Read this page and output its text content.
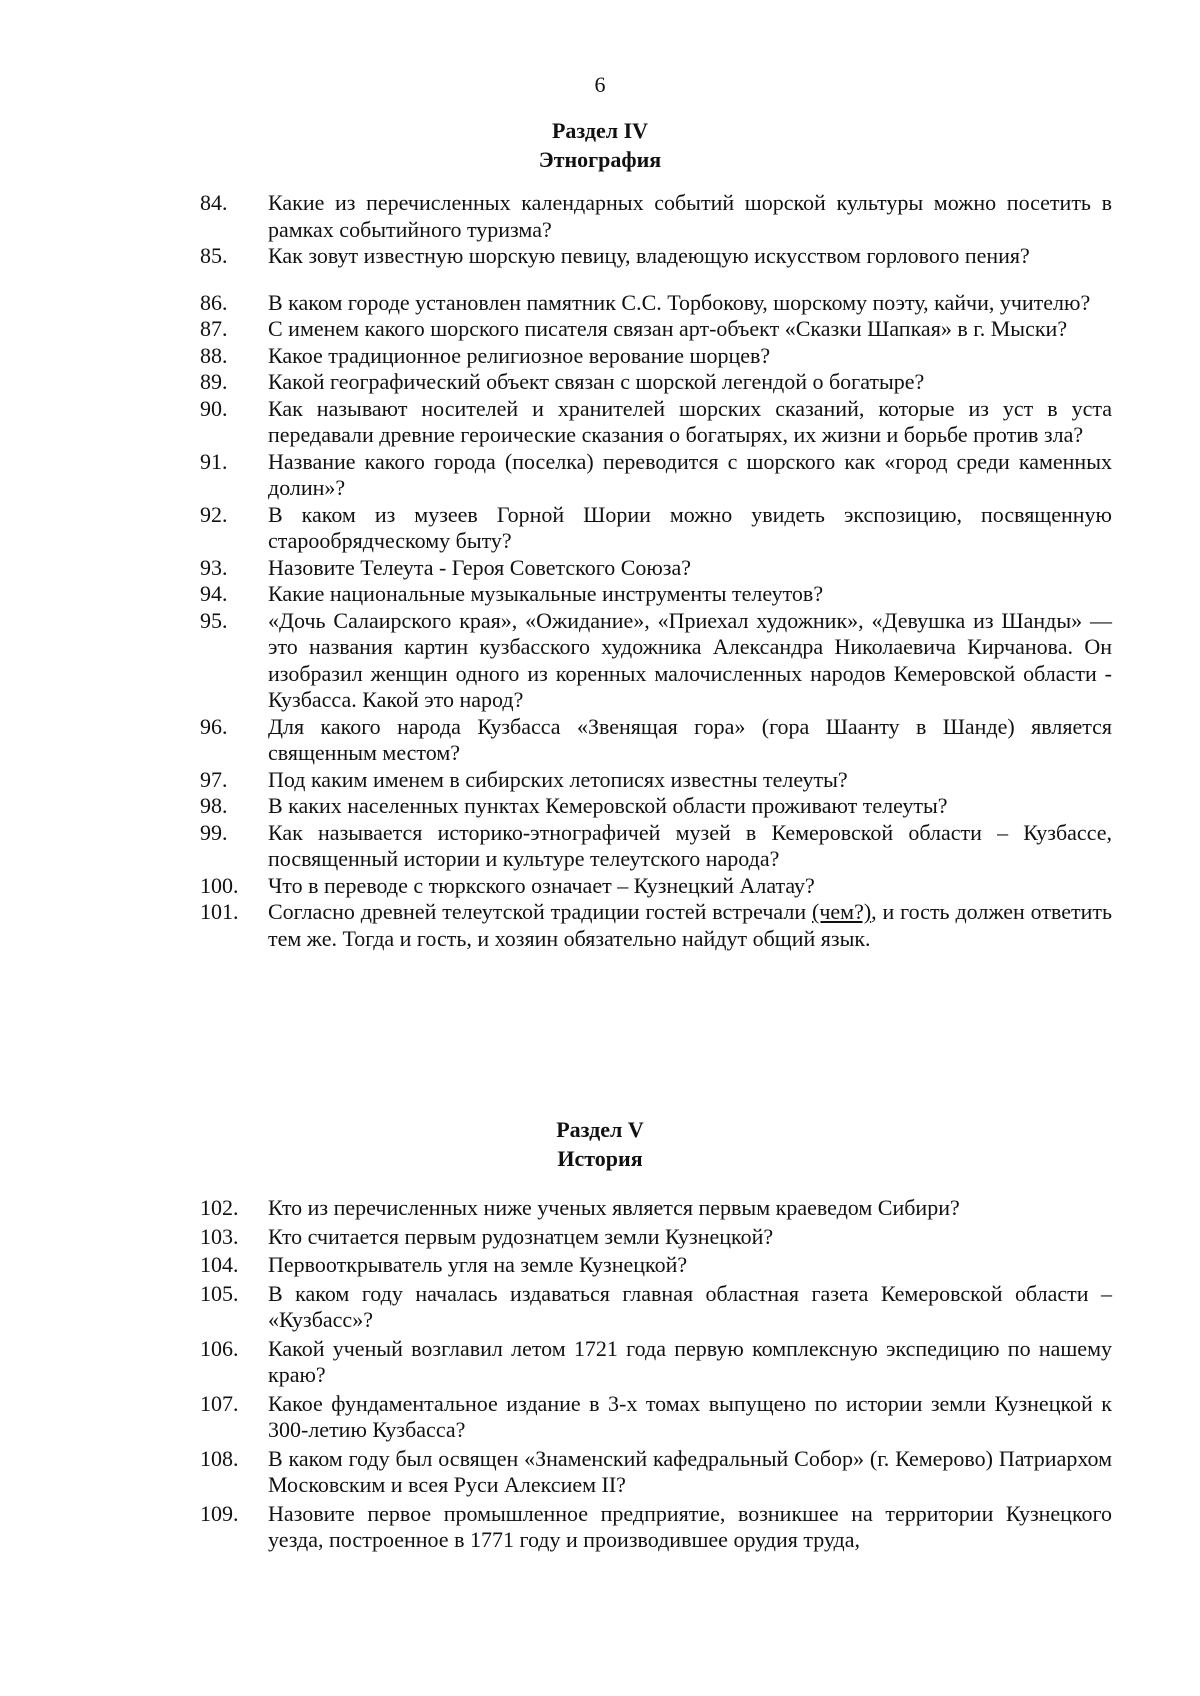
6
Раздел IV
Этнография
84. Какие из перечисленных календарных событий шорской культуры можно посетить в рамках событийного туризма?
85. Как зовут известную шорскую певицу, владеющую искусством горлового пения?
86. В каком городе установлен памятник С.С. Торбокову, шорскому поэту, кайчи, учителю?
87. С именем какого шорского писателя связан арт-объект «Сказки Шапкая» в г. Мыски?
88. Какое традиционное религиозное верование шорцев?
89. Какой географический объект связан с шорской легендой о богатыре?
90. Как называют носителей и хранителей шорских сказаний, которые из уст в уста передавали древние героические сказания о богатырях, их жизни и борьбе против зла?
91. Название какого города (поселка) переводится с шорского как «город среди каменных долин»?
92. В каком из музеев Горной Шории можно увидеть экспозицию, посвященную старообрядческому быту?
93. Назовите Телеута - Героя Советского Союза?
94. Какие национальные музыкальные инструменты телеутов?
95. «Дочь Салаирского края», «Ожидание», «Приехал художник», «Девушка из Шанды» — это названия картин кузбасского художника Александра Николаевича Кирчанова. Он изобразил женщин одного из коренных малочисленных народов Кемеровской области - Кузбасса. Какой это народ?
96. Для какого народа Кузбасса «Звенящая гора» (гора Шаанту в Шанде) является священным местом?
97. Под каким именем в сибирских летописях известны телеуты?
98. В каких населенных пунктах Кемеровской области проживают телеуты?
99. Как называется историко-этнографичей музей в Кемеровской области – Кузбассе, посвященный истории и культуре телеутского народа?
100. Что в переводе с тюркского означает – Кузнецкий Алатау?
101. Согласно древней телеутской традиции гостей встречали (чем?), и гость должен ответить тем же. Тогда и гость, и хозяин обязательно найдут общий язык.
Раздел V
История
102. Кто из перечисленных ниже ученых является первым краеведом Сибири?
103. Кто считается первым рудознатцем земли Кузнецкой?
104. Первооткрыватель угля на земле Кузнецкой?
105. В каком году началась издаваться главная областная газета Кемеровской области – «Кузбасс»?
106. Какой ученый возглавил летом 1721 года первую комплексную экспедицию по нашему краю?
107. Какое фундаментальное издание в 3-х томах выпущено по истории земли Кузнецкой к 300-летию Кузбасса?
108. В каком году был освящен «Знаменский кафедральный Собор» (г. Кемерово) Патриархом Московским и всея Руси Алексием II?
109. Назовите первое промышленное предприятие, возникшее на территории Кузнецкого уезда, построенное в 1771 году и производившее орудия труда,
